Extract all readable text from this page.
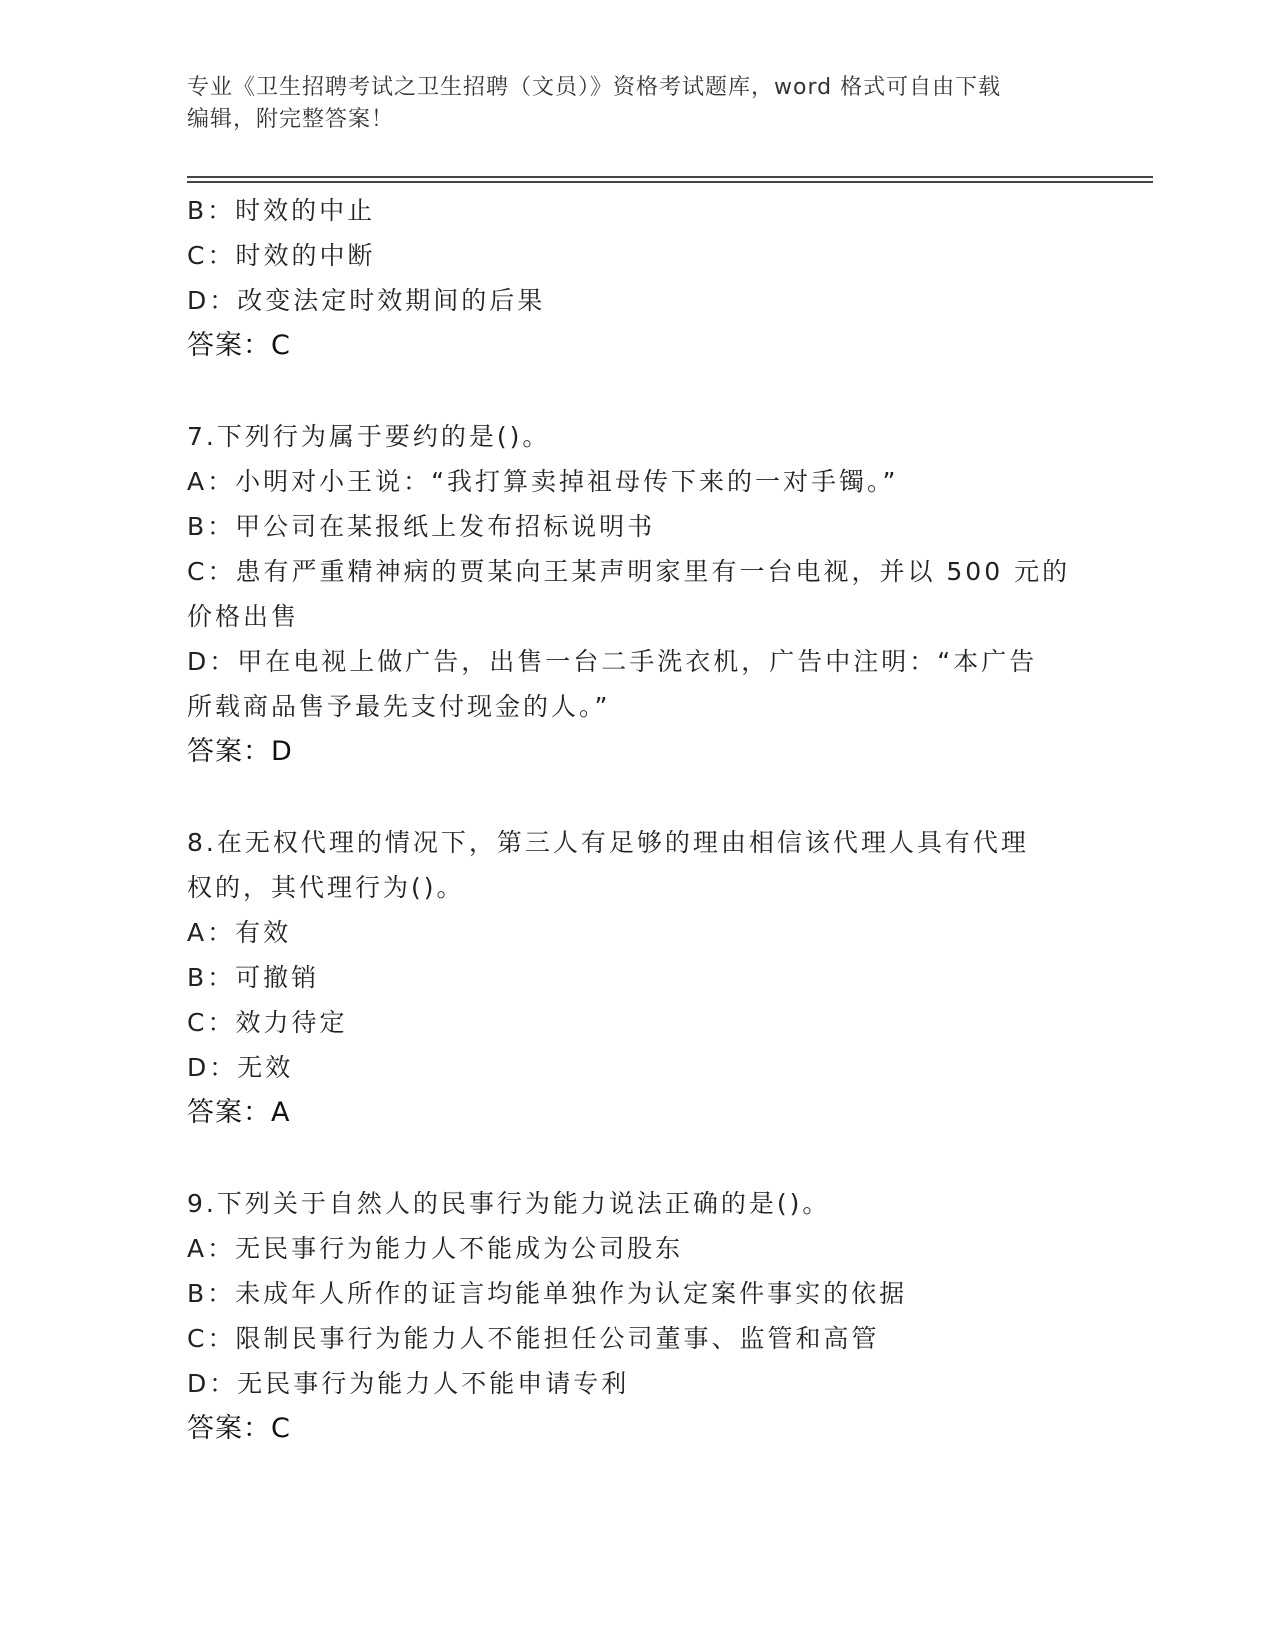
专业《卫生招聘考试之卫生招聘（文员）》资格考试题库，word 格式可自由下载
编辑，附完整答案！
B：时效的中止
C：时效的中断
D：改变法定时效期间的后果
答案：C
7.下列行为属于要约的是()。
A：小明对小王说：“我打算卖掉祖母传下来的一对手镯。”
B：甲公司在某报纸上发布招标说明书
C：患有严重精神病的贾某向王某声明家里有一台电视，并以 500 元的
价格出售
D：甲在电视上做广告，出售一台二手洗衣机，广告中注明：“本广告
所载商品售予最先支付现金的人。”
答案：D
8.在无权代理的情况下，第三人有足够的理由相信该代理人具有代理
权的，其代理行为()。
A：有效
B：可撤销
C：效力待定
D：无效
答案：A
9.下列关于自然人的民事行为能力说法正确的是()。
A：无民事行为能力人不能成为公司股东
B：未成年人所作的证言均能单独作为认定案件事实的依据
C：限制民事行为能力人不能担任公司董事、监管和高管
D：无民事行为能力人不能申请专利
答案：C
